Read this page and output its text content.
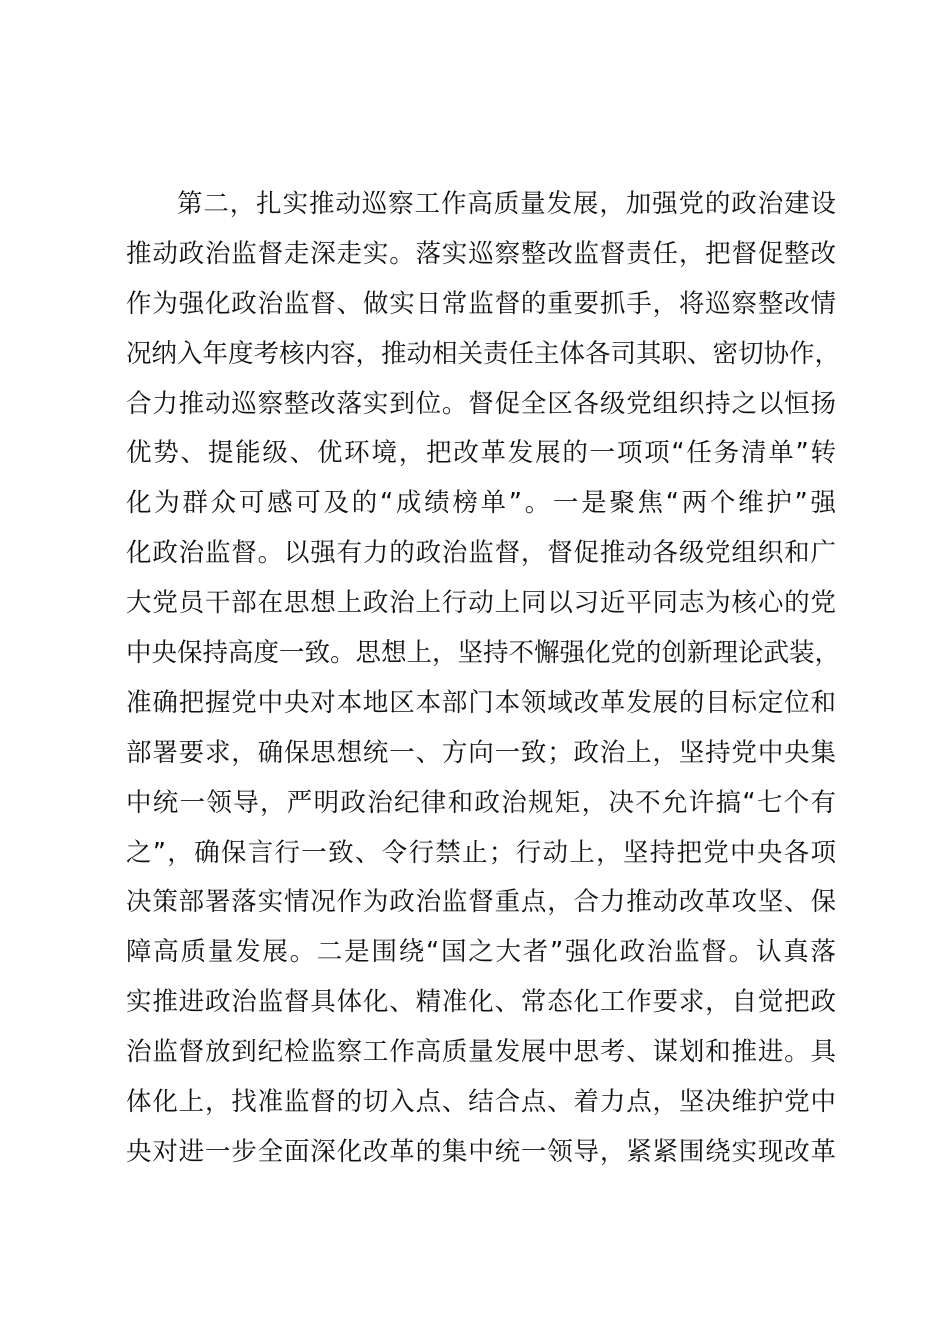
第二，扎实推动巡察工作高质量发展，加强党的政治建设
推动政治监督走深走实。落实巡察整改监督责任，把督促整改
作为强化政治监督、做实日常监督的重要抓手，将巡察整改情
况纳入年度考核内容，推动相关责任主体各司其职、密切协作，
合力推动巡察整改落实到位。督促全区各级党组织持之以恒扬
优势、提能级、优环境，把改革发展的一项项“任务清单”转
化为群众可感可及的“成绩榜单”。一是聚焦“两个维护”强
化政治监督。以强有力的政治监督，督促推动各级党组织和广
大党员干部在思想上政治上行动上同以习近平同志为核心的党
中央保持高度一致。思想上，坚持不懈强化党的创新理论武装，
准确把握党中央对本地区本部门本领域改革发展的目标定位和
部署要求，确保思想统一、方向一致；政治上，坚持党中央集
中统一领导，严明政治纪律和政治规矩，决不允许搞“七个有
之”，确保言行一致、令行禁止；行动上，坚持把党中央各项
决策部署落实情况作为政治监督重点，合力推动改革攻坚、保
障高质量发展。二是围绕“国之大者”强化政治监督。认真落
实推进政治监督具体化、精准化、常态化工作要求，自觉把政
治监督放到纪检监察工作高质量发展中思考、谋划和推进。具
体化上，找准监督的切入点、结合点、着力点，坚决维护党中
央对进一步全面深化改革的集中统一领导，紧紧围绕实现改革
